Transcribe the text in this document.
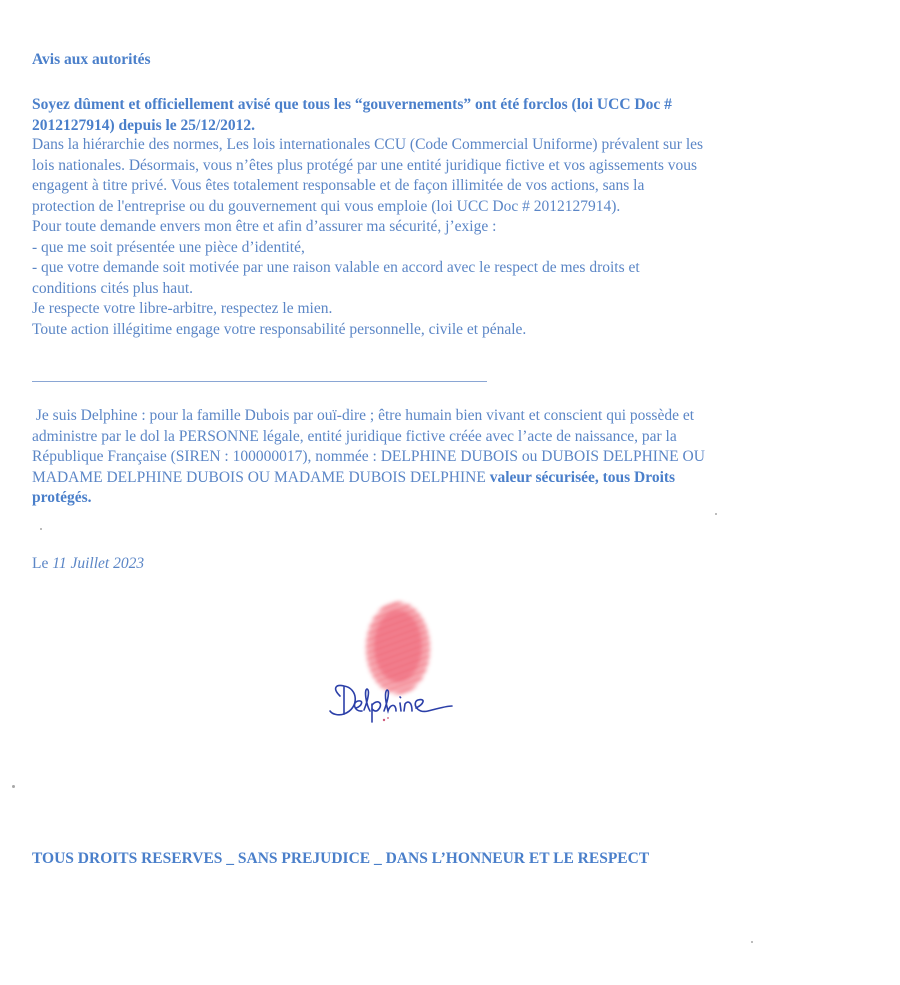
Avis aux autorités
Soyez dûment et officiellement avisé que tous les “gouvernements” ont été forclos (loi UCC Doc #
2012127914) depuis le 25/12/2012.
Dans la hiérarchie des normes, Les lois internationales CCU (Code Commercial Uniforme) prévalent sur les
lois nationales. Désormais, vous n’êtes plus protégé par une entité juridique fictive et vos agissements vous
engagent à titre privé. Vous êtes totalement responsable et de façon illimitée de vos actions, sans la
protection de l'entreprise ou du gouvernement qui vous emploie (loi UCC Doc # 2012127914).
Pour toute demande envers mon être et afin d’assurer ma sécurité, j’exige :
- que me soit présentée une pièce d’identité,
- que votre demande soit motivée par une raison valable en accord avec le respect de mes droits et
conditions cités plus haut.
Je respecte votre libre-arbitre, respectez le mien.
Toute action illégitime engage votre responsabilité personnelle, civile et pénale.
Je suis Delphine : pour la famille Dubois par ouï-dire ; être humain bien vivant et conscient qui possède et
administre par le dol la PERSONNE légale, entité juridique fictive créée avec l’acte de naissance, par la
République Française (SIREN : 100000017), nommée : DELPHINE DUBOIS ou DUBOIS DELPHINE OU
MADAME DELPHINE DUBOIS OU MADAME DUBOIS DELPHINE valeur sécurisée, tous Droits
protégés.
Le 11 Juillet 2023
TOUS DROITS RESERVES _ SANS PREJUDICE _ DANS L’HONNEUR ET LE RESPECT
